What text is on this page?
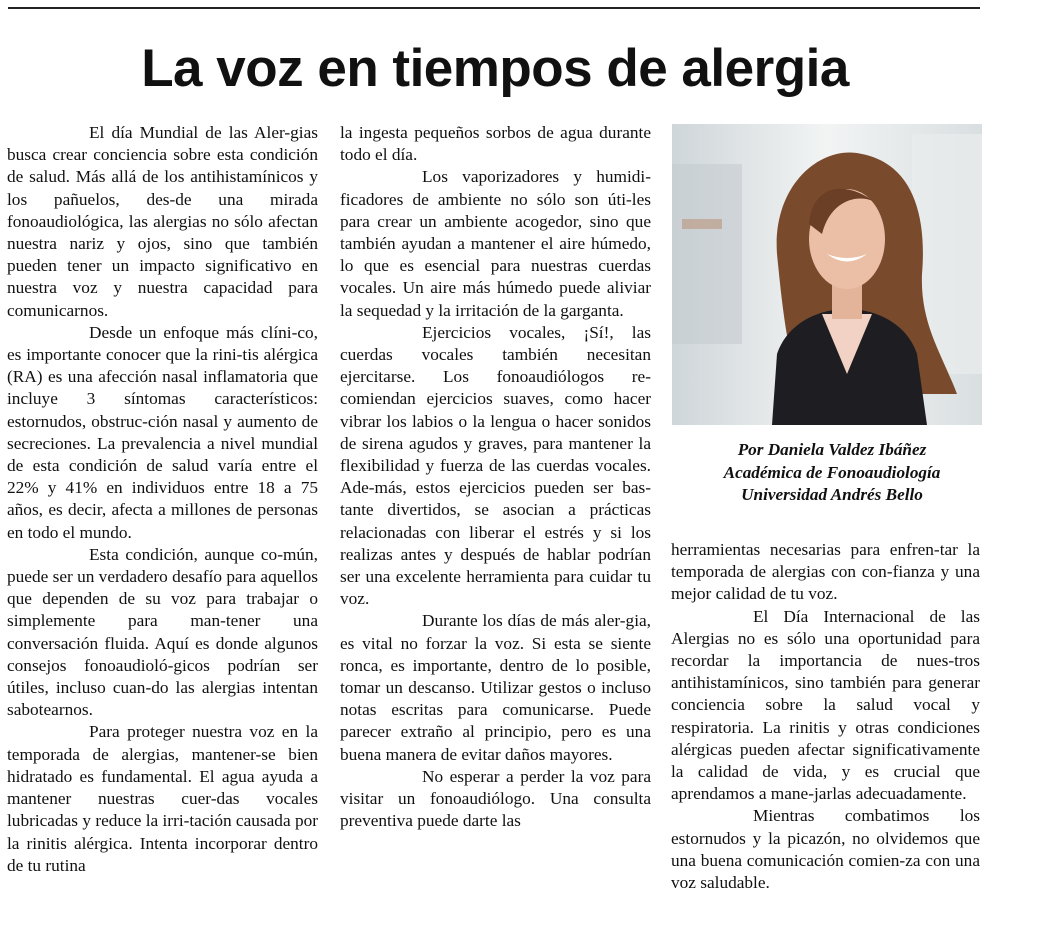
La voz en tiempos de alergia

El día Mundial de las Aler-gias busca crear conciencia sobre esta condición de salud. Más allá de los antihistamínicos y los pañuelos, des-de una mirada fonoaudiológica, las alergias no sólo afectan nuestra nariz y ojos, sino que también pueden tener un impacto significativo en nuestra voz y nuestra capacidad para comunicarnos.

Desde un enfoque más clíni-co, es importante conocer que la rini-tis alérgica (RA) es una afección nasal inflamatoria que incluye 3 síntomas característicos: estornudos, obstruc-ción nasal y aumento de secreciones. La prevalencia a nivel mundial de esta condición de salud varía entre el 22% y 41% en individuos entre 18 a 75 años, es decir, afecta a millones de personas en todo el mundo.

Esta condición, aunque co-mún, puede ser un verdadero desafío para aquellos que dependen de su voz para trabajar o simplemente para man-tener una conversación fluida. Aquí es donde algunos consejos fonoaudioló-gicos podrían ser útiles, incluso cuan-do las alergias intentan sabotearnos.

Para proteger nuestra voz en la temporada de alergias, mantener-se bien hidratado es fundamental. El agua ayuda a mantener nuestras cuer-das vocales lubricadas y reduce la irri-tación causada por la rinitis alérgica. Intenta incorporar dentro de tu rutina

la ingesta pequeños sorbos de agua durante todo el día.

Los vaporizadores y humidi-ficadores de ambiente no sólo son úti-les para crear un ambiente acogedor, sino que también ayudan a mantener el aire húmedo, lo que es esencial para nuestras cuerdas vocales. Un aire más húmedo puede aliviar la sequedad y la irritación de la garganta.

Ejercicios vocales, ¡Sí!, las cuerdas vocales también necesitan ejercitarse. Los fonoaudiólogos re-comiendan ejercicios suaves, como hacer vibrar los labios o la lengua o hacer sonidos de sirena agudos y graves, para mantener la flexibilidad y fuerza de las cuerdas vocales. Ade-más, estos ejercicios pueden ser bas-tante divertidos, se asocian a prácticas relacionadas con liberar el estrés y si los realizas antes y después de hablar podrían ser una excelente herramienta para cuidar tu voz.

Durante los días de más aler-gia, es vital no forzar la voz. Si esta se siente ronca, es importante, dentro de lo posible, tomar un descanso. Utilizar gestos o incluso notas escritas para comunicarse. Puede parecer extraño al principio, pero es una buena manera de evitar daños mayores.

No esperar a perder la voz para visitar un fonoaudiólogo. Una consulta preventiva puede darte las

Por Daniela Valdez Ibáñez
Académica de Fonoaudiología
Universidad Andrés Bello

herramientas necesarias para enfren-tar la temporada de alergias con con-fianza y una mejor calidad de tu voz.

El Día Internacional de las Alergias no es sólo una oportunidad para recordar la importancia de nues-tros antihistamínicos, sino también para generar conciencia sobre la salud vocal y respiratoria. La rinitis y otras condiciones alérgicas pueden afectar significativamente la calidad de vida, y es crucial que aprendamos a mane-jarlas adecuadamente.

Mientras combatimos los estornudos y la picazón, no olvidemos que una buena comunicación comien-za con una voz saludable.
